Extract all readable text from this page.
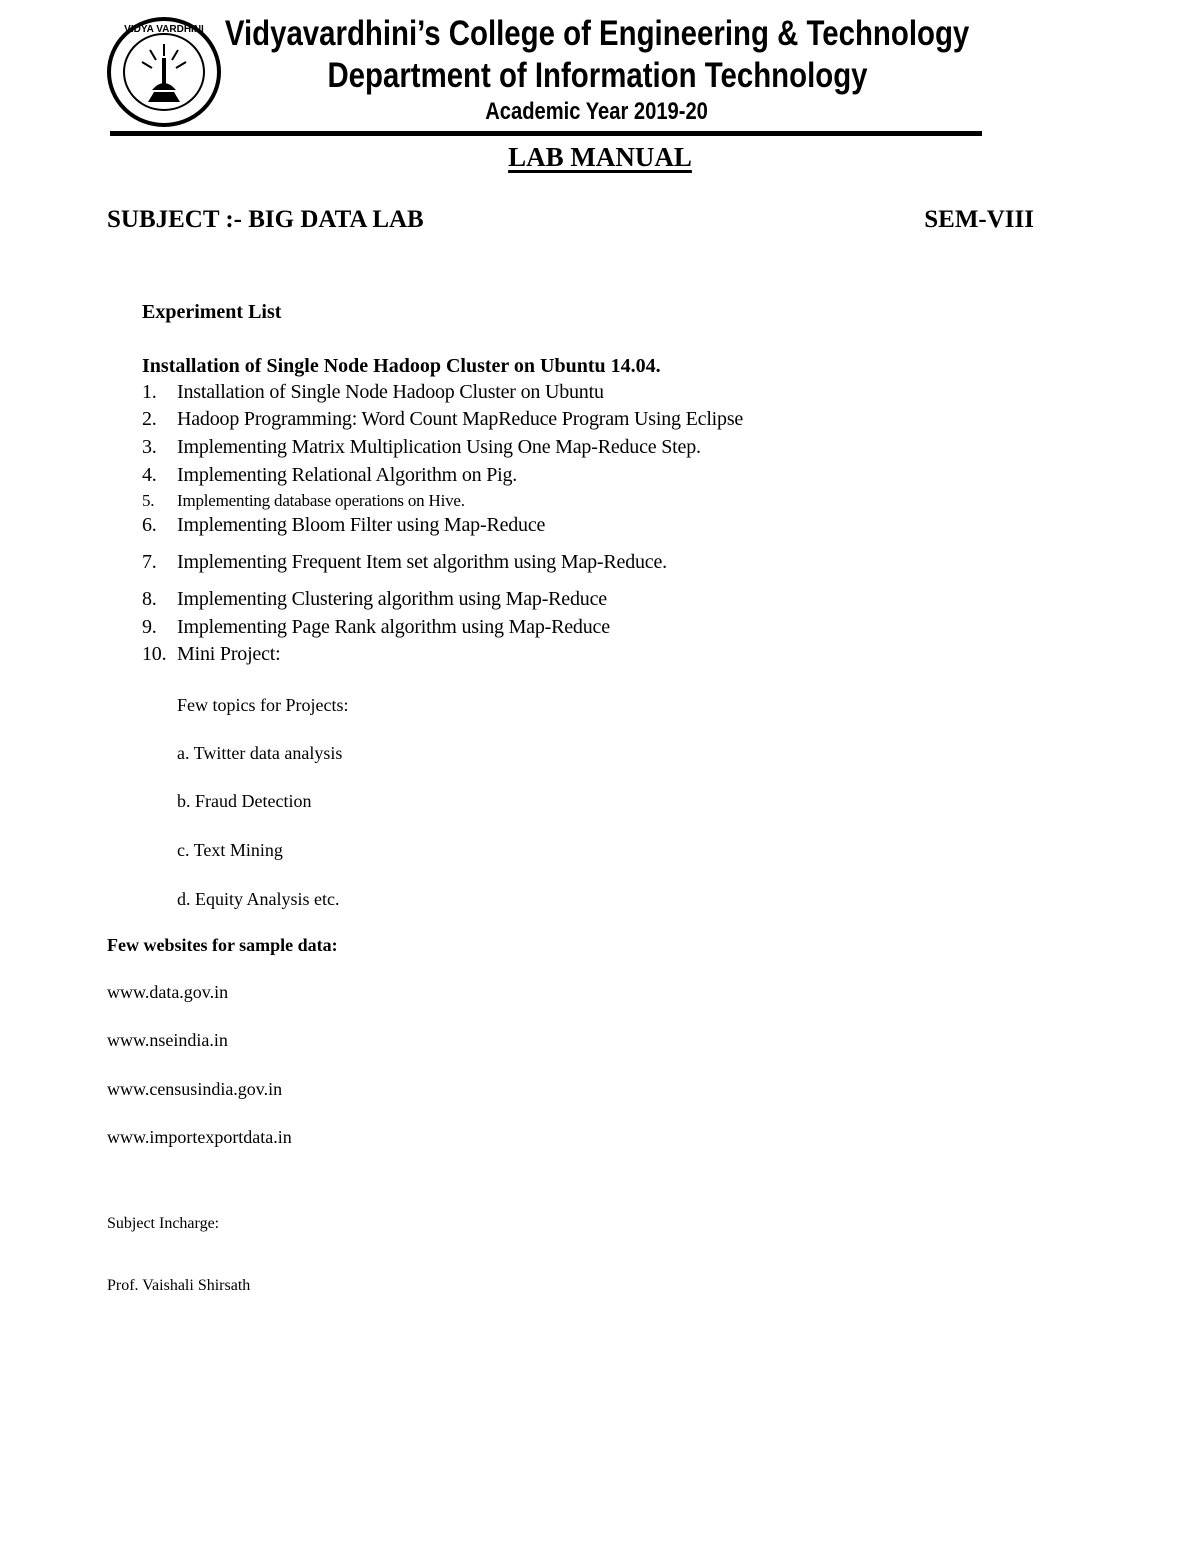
VIDYA VARDHINI Vidyavardhini’s College of Engineering & Technology
Department of Information Technology
Academic Year 2019-20
LAB MANUAL
SUBJECT :- BIG DATA LAB	SEM-VIII
Experiment List
Installation of Single Node Hadoop Cluster on Ubuntu 14.04.
1. Installation of Single Node Hadoop Cluster on Ubuntu
2. Hadoop Programming: Word Count MapReduce Program Using Eclipse
3. Implementing Matrix Multiplication Using One Map-Reduce Step.
4. Implementing Relational Algorithm on Pig.
5. Implementing database operations on Hive.
6. Implementing Bloom Filter using Map-Reduce
7. Implementing Frequent Item set algorithm using Map-Reduce.
8. Implementing Clustering algorithm using Map-Reduce
9. Implementing Page Rank algorithm using Map-Reduce
10. Mini Project:
Few topics for Projects:
a. Twitter data analysis
b. Fraud Detection
c. Text Mining
d. Equity Analysis etc.
Few websites for sample data:
www.data.gov.in
www.nseindia.in
www.censusindia.gov.in
www.importexportdata.in
Subject Incharge:
Prof. Vaishali Shirsath
